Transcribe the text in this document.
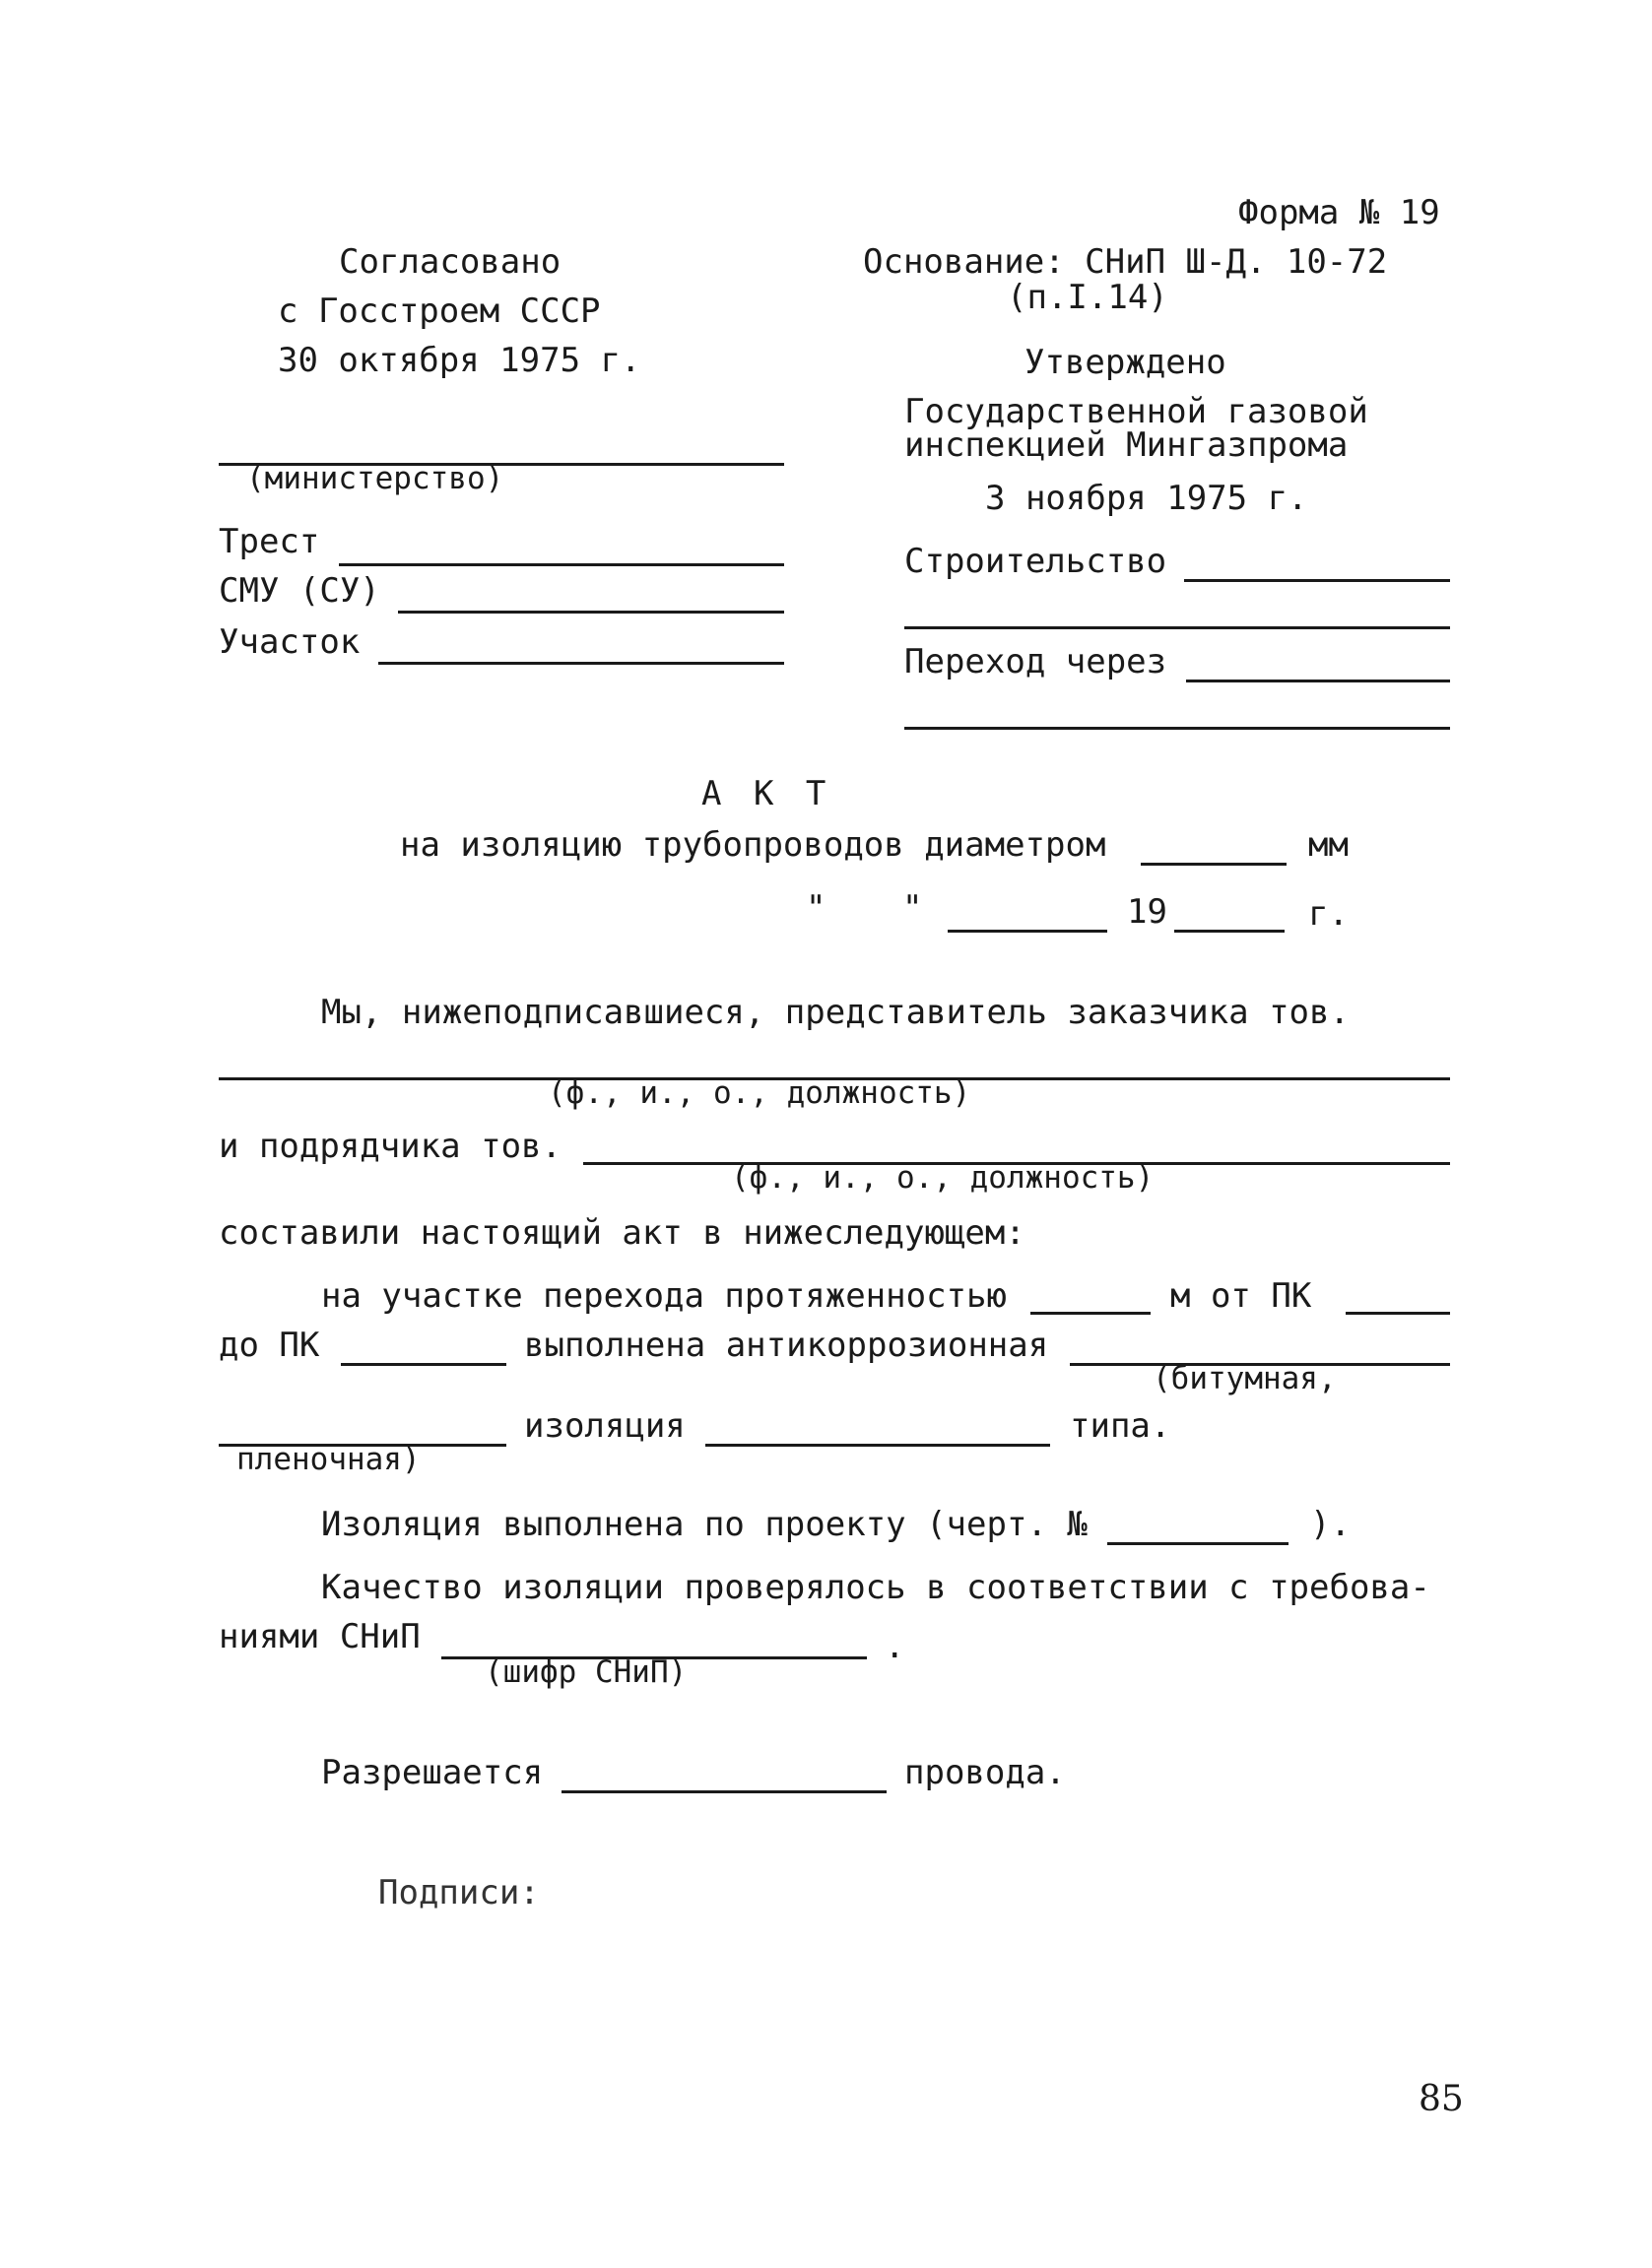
Форма № 19
Согласовано
с Госстроем СССР
30 октября 1975 г.
(министерство)
Трест
СМУ (СУ)
Участок
Основание: СНиП Ш-Д. 10-72
(п.I.14)
Утверждено
Государственной газовой
инспекцией Мингазпрома
3 ноября 1975 г.
Строительство
Переход через
А К Т
на изоляцию трубопроводов диаметром	мм
" "	19	г.
Мы, нижеподписавшиеся, представитель заказчика тов.
(ф., и., о., должность)
и подрядчика тов.
(ф., и., о., должность)
составили настоящий акт в нижеследующем:
на участке перехода протяженностью	м от ПК
до ПК	выполнена антикоррозионная
(битумная,
пленочная)
изоляция	типа.
Изоляция выполнена по проекту (черт. №	).
Качество изоляции проверялось в соответствии с требова-
ниями СНиП
(шифр СНиП)
.
Разрешается	провода.
Подписи:
85
